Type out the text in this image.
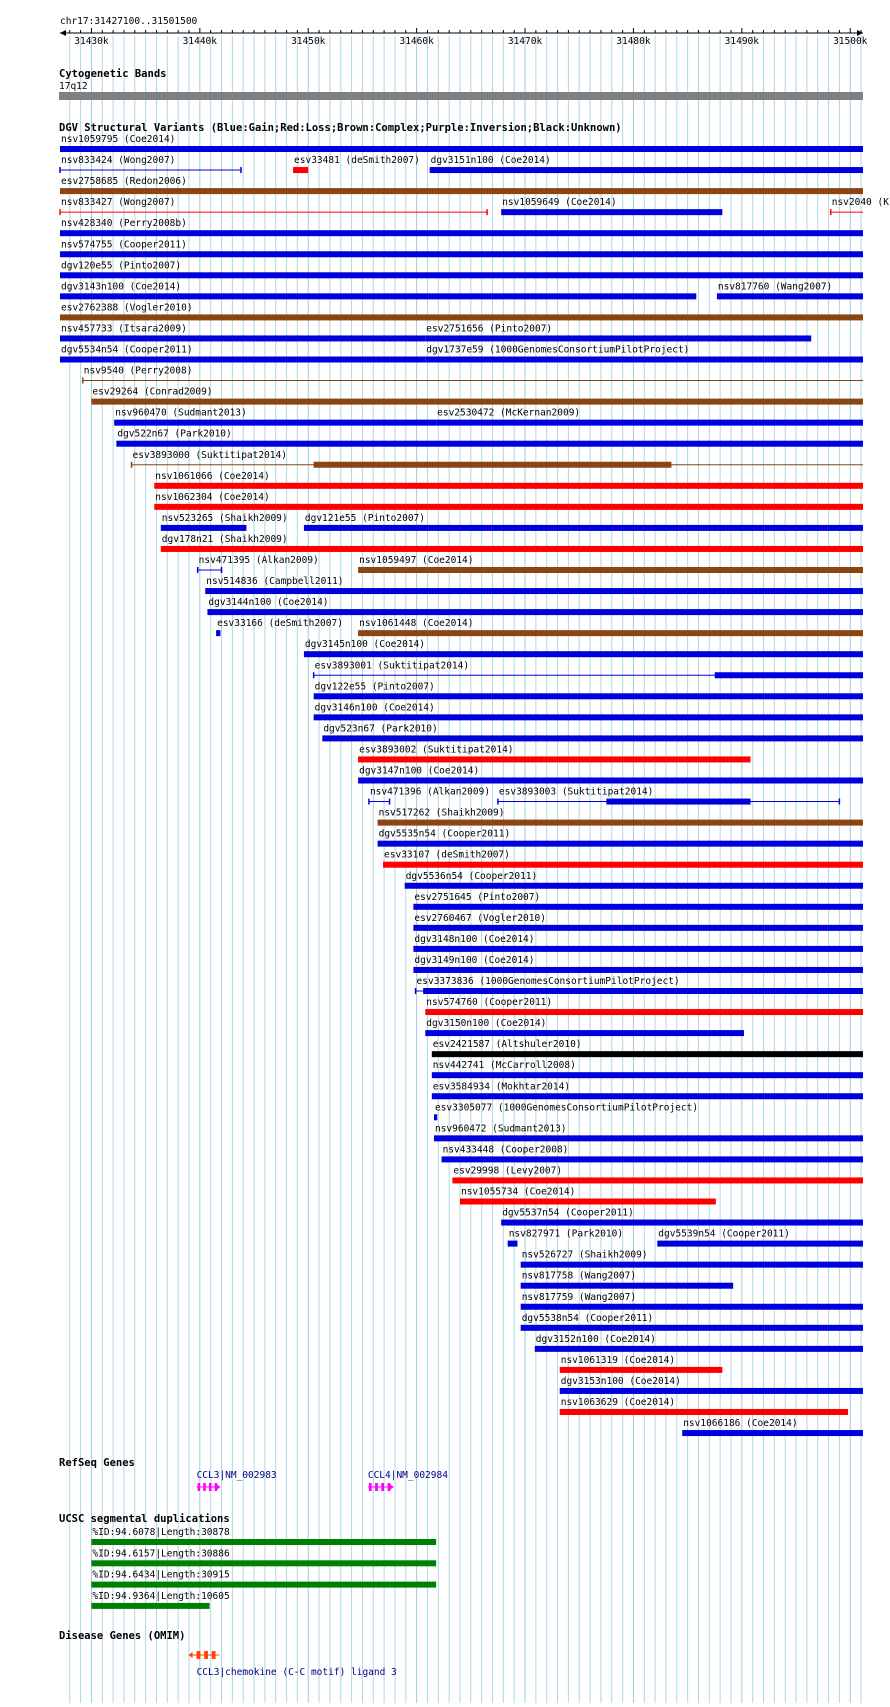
chr17:31427100..31501500
31430k	31440k	31450k	31460k	31470k	31480k	31490k	31500k
Cytogenetic Bands
17q12
DGV Structural Variants (Blue:Gain;Red:Loss;Brown:Complex;Purple:Inversion;Black:Unknown)
nsv1059795 (Coe2014)
nsv833424 (Wong2007)	esv33481 (deSmith2007) dgv3151n100 (Coe2014)
esv2758685 (Redon2006)
nsv833427 (Wong2007)	nsv1059649 (Coe2014)	nsv2040 (K
nsv428340 (Perry2008b)
nsv574755 (Cooper2011)
dgv120e55 (Pinto2007)
dgv3143n100 (Coe2014)	nsv817760 (Wang2007)
esv2762388 (Vogler2010)
nsv457733 (Itsara2009)	esv2751656 (Pinto2007)
dgv5534n54 (Cooper2011)	dgv1737e59 (1000GenomesConsortiumPilotProject)
nsv9540 (Perry2008)
esv29264 (Conrad2009)
nsv960470 (Sudmant2013)	esv2530472 (McKernan2009)
dgv522n67 (Park2010)
esv3893000 (Suktitipat2014)
nsv1061066 (Coe2014)
nsv1062304 (Coe2014)
nsv523265 (Shaikh2009) dgv121e55 (Pinto2007)
dgv178n21 (Shaikh2009)
nsv471395 (Alkan2009)	nsv1059497 (Coe2014)
nsv514836 (Campbell2011)
dgv3144n100 (Coe2014)
esv33166 (deSmith2007) nsv1061448 (Coe2014)
dgv3145n100 (Coe2014)
esv3893001 (Suktitipat2014)
dgv122e55 (Pinto2007)
dgv3146n100 (Coe2014)
dgv523n67 (Park2010)
esv3893002 (Suktitipat2014)
dgv3147n100 (Coe2014)
nsv471396 (Alkan2009) esv3893003 (Suktitipat2014)
nsv517262 (Shaikh2009)
dgv5535n54 (Cooper2011)
esv33107 (deSmith2007)
dgv5536n54 (Cooper2011)
esv2751645 (Pinto2007)
esv2760467 (Vogler2010)
dgv3148n100 (Coe2014)
dgv3149n100 (Coe2014)
esv3373836 (1000GenomesConsortiumPilotProject)
nsv574760 (Cooper2011)
dgv3150n100 (Coe2014)
esv2421587 (Altshuler2010)
nsv442741 (McCarroll2008)
esv3584934 (Mokhtar2014)
esv3305077 (1000GenomesConsortiumPilotProject)
nsv960472 (Sudmant2013)
nsv433448 (Cooper2008)
esv29998 (Levy2007)
nsv1055734 (Coe2014)
dgv5537n54 (Cooper2011)
nsv827971 (Park2010)	dgv5539n54 (Cooper2011)
nsv526727 (Shaikh2009)
nsv817758 (Wang2007)
nsv817759 (Wang2007)
dgv5538n54 (Cooper2011)
dgv3152n100 (Coe2014)
nsv1061319 (Coe2014)
dgv3153n100 (Coe2014)
nsv1063629 (Coe2014)
nsv1066186 (Coe2014)
RefSeq Genes
CCL3|NM_002983	CCL4|NM_002984
UCSC segmental duplications
%ID:94.6078|Length:30878
%ID:94.6157|Length:30886
%ID:94.6434|Length:30915
%ID:94.9364|Length:10605
Disease Genes (OMIM)
CCL3|chemokine (C-C motif) ligand 3
